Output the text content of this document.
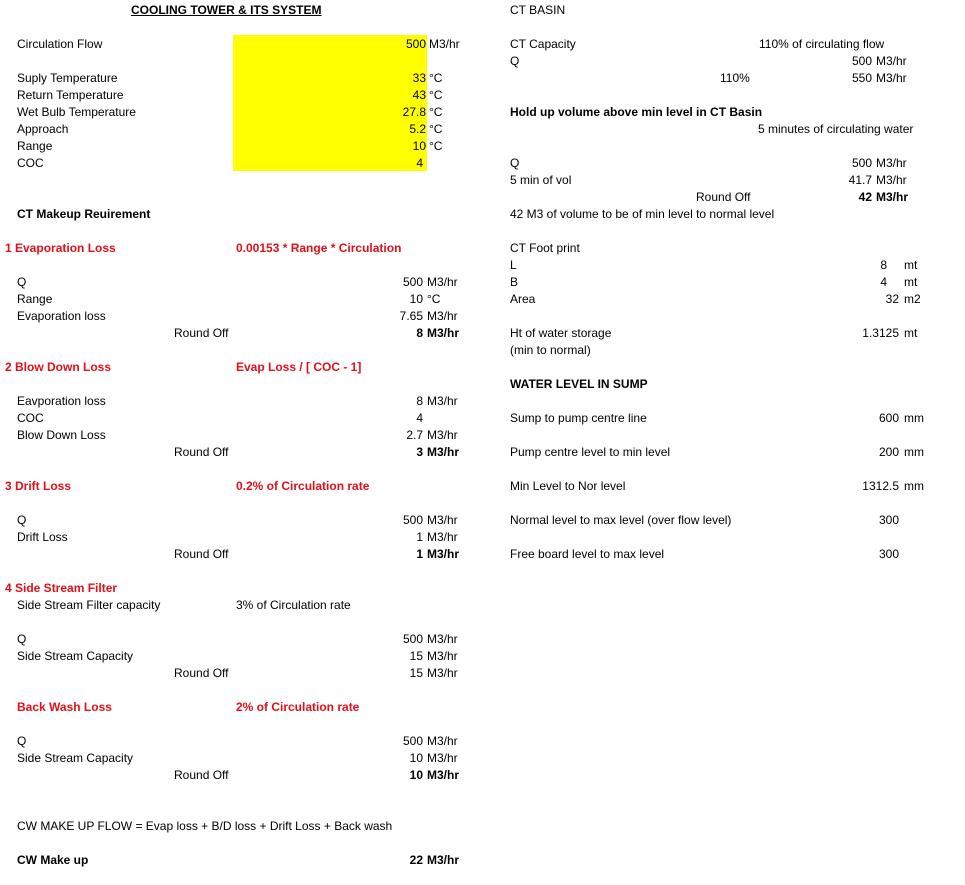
COOLING TOWER & ITS SYSTEM
Circulation Flow	500 M3/hr
Suply Temperature	33 °C
Return Temperature	43 °C
Wet Bulb Temperature	27.8 °C
Approach	5.2 °C
Range	10 °C
COC	4
CT Makeup Reuirement
1 Evaporation Loss	0.00153 * Range * Circulation
Q	500 M3/hr
Range	10 °C
Evaporation loss	7.65 M3/hr
Round Off	8 M3/hr
2 Blow Down Loss	Evap Loss / [ COC - 1]
Eavporation loss	8 M3/hr
COC	4
Blow Down Loss	2.7 M3/hr
Round Off	3 M3/hr
3 Drift Loss	0.2% of Circulation rate
Q	500 M3/hr
Drift Loss	1 M3/hr
Round Off	1 M3/hr
4 Side Stream Filter
Side Stream Filter capacity	3% of Circulation rate
Q	500 M3/hr
Side Stream Capacity	15 M3/hr
Round Off	15 M3/hr
Back Wash Loss	2% of Circulation rate
Q	500 M3/hr
Side Stream Capacity	10 M3/hr
Round Off	10 M3/hr
CW MAKE UP FLOW = Evap loss + B/D loss + Drift Loss + Back wash
CW Make up	22 M3/hr
CT BASIN
CT Capacity	110% of circulating flow
Q	500 M3/hr
110%	550 M3/hr
Hold up volume above min level in CT Basin
5 minutes of circulating water
Q	500 M3/hr
5 min of vol	41.7 M3/hr
Round Off	42 M3/hr
42 M3 of volume to be of min level to normal level
CT Foot print
L	8 mt
B	4 mt
Area	32 m2
Ht of water storage	1.3125 mt
(min to normal)
WATER LEVEL IN SUMP
Sump to pump centre line	600 mm
Pump centre level to min level	200 mm
Min Level to Nor level	1312.5 mm
Normal level to max level (over flow level)	300
Free board level to max level	300
